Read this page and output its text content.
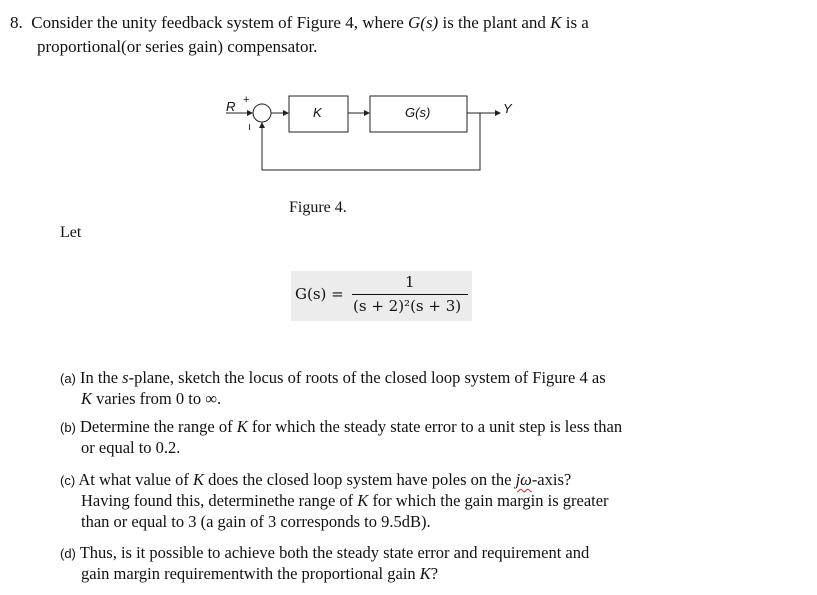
8. Consider the unity feedback system of Figure 4, where G(s) is the plant and K is a
proportional(or series gain) compensator.
R +
−
K	G(s)	Y
Figure 4.
Let
G(s) =
1
(s + 2)²(s + 3)
(a) In the s-plane, sketch the locus of roots of the closed loop system of Figure 4 as
K varies from 0 to ∞.
(b) Determine the range of K for which the steady state error to a unit step is less than
or equal to 0.2.
(c) At what value of K does the closed loop system have poles on the jω-axis?
Having found this, determinethe range of K for which the gain margin is greater
than or equal to 3 (a gain of 3 corresponds to 9.5dB).
(d) Thus, is it possible to achieve both the steady state error and requirement and
gain margin requirementwith the proportional gain K?
